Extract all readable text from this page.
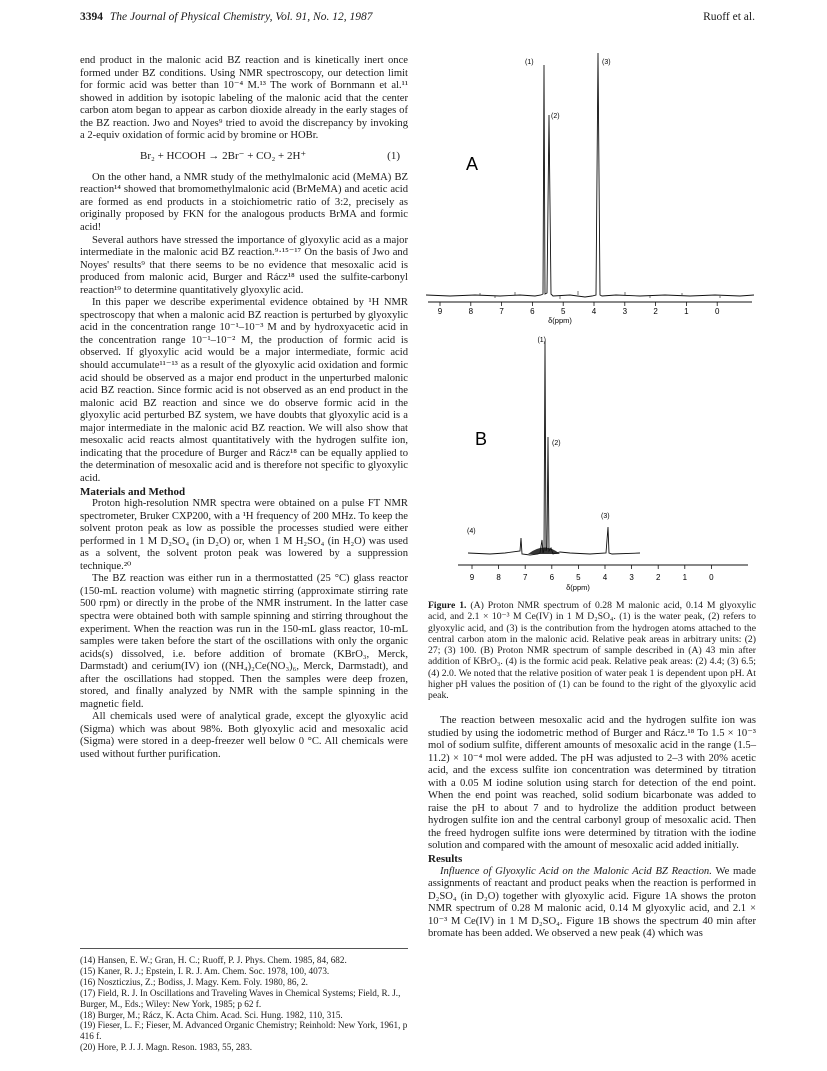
3394 The Journal of Physical Chemistry, Vol. 91, No. 12, 1987	Ruoff et al.

end product in the malonic acid BZ reaction and is kinetically inert once formed under BZ conditions. Using NMR spectroscopy, our detection limit for formic acid was better than 10⁻⁴ M.¹³ The work of Bornmann et al.¹¹ showed in addition by isotopic labeling of the malonic acid that the center carbon atom began to appear as carbon dioxide already in the early stages of the BZ reaction. Jwo and Noyes⁹ tried to avoid the discrepancy by invoking a 2-equiv oxidation of formic acid by bromine or HOBr.

Br₂ + HCOOH → 2Br⁻ + CO₂ + 2H⁺	(1)

On the other hand, a NMR study of the methylmalonic acid (MeMA) BZ reaction¹⁴ showed that bromomethylmalonic acid (BrMeMA) and acetic acid are formed as end products in a stoichiometric ratio of 3:2, precisely as originally proposed by FKN for the analogous products BrMA and formic acid!

Several authors have stressed the importance of glyoxylic acid as a major intermediate in the malonic acid BZ reaction.⁹·¹⁵⁻¹⁷ On the basis of Jwo and Noyes' results⁹ that there seems to be no evidence that mesoxalic acid is produced from malonic acid, Burger and Rácz¹⁸ used the sulfite-carbonyl reaction¹⁹ to determine quantitatively glyoxylic acid.

In this paper we describe experimental evidence obtained by ¹H NMR spectroscopy that when a malonic acid BZ reaction is perturbed by glyoxylic acid in the concentration range 10⁻¹–10⁻³ M and by hydroxyacetic acid in the concentration range 10⁻¹–10⁻² M, the production of formic acid is observed. If glyoxylic acid would be a major intermediate, formic acid should accumulate¹¹⁻¹³ as a result of the glyoxylic acid oxidation and formic acid should be observed as a major end product in the unperturbed malonic acid BZ reaction. Since formic acid is not observed as an end product in the malonic acid BZ reaction and since we do observe formic acid in the glyoxylic acid perturbed BZ system, we have doubts that glyoxylic acid is a major intermediate in the malonic acid BZ reaction. We will also show that mesoxalic acid reacts almost quantitatively with the hydrogen sulfite ion, indicating that the procedure of Burger and Rácz¹⁸ can be equally applied to the determination of mesoxalic acid and is therefore not specific to glyoxylic acid.

Materials and Method

Proton high-resolution NMR spectra were obtained on a pulse FT NMR spectrometer, Bruker CXP200, with a ¹H frequency of 200 MHz. To keep the solvent proton peak as low as possible the processes studied were either performed in 1 M D₂SO₄ (in D₂O) or, when 1 M H₂SO₄ (in H₂O) was used as a solvent, the solvent proton peak was lowered by a suppression technique.²⁰

The BZ reaction was either run in a thermostatted (25 °C) glass reactor (150-mL reaction volume) with magnetic stirring (approximate stirring rate 500 rpm) or directly in the probe of the NMR instrument. In the latter case spectra were obtained both with sample spinning and stirring throughout the experiment. When the reaction was run in the 150-mL glass reactor, 10-mL samples were taken before the start of the oscillations with only the organic acids(s) dissolved, i.e. before addition of bromate (KBrO₃, Merck, Darmstadt) and cerium(IV) ion ((NH₄)₂Ce(NO₃)₆, Merck, Darmstadt), and after the oscillations had stopped. Then the samples were deep frozen, stored, and finally analyzed by NMR with the sample spinning in the magnetic field.

All chemicals used were of analytical grade, except the glyoxylic acid (Sigma) which was about 98%. Both glyoxylic acid and mesoxalic acid (Sigma) were stored in a deep-freezer well below 0 °C. All chemicals were used without further purification.

(14) Hansen, E. W.; Gran, H. C.; Ruoff, P. J. Phys. Chem. 1985, 84, 682.
(15) Kaner, R. J.; Epstein, I. R. J. Am. Chem. Soc. 1978, 100, 4073.
(16) Noszticzius, Z.; Bodiss, J. Magy. Kem. Foly. 1980, 86, 2.
(17) Field, R. J. In Oscillations and Traveling Waves in Chemical Systems; Field, R. J., Burger, M., Eds.; Wiley: New York, 1985; p 62 f.
(18) Burger, M.; Rácz, K. Acta Chim. Acad. Sci. Hung. 1982, 110, 315.
(19) Fieser, L. F.; Fieser, M. Advanced Organic Chemistry; Reinhold: New York, 1961, p 416 f.
(20) Hore, P. J. J. Magn. Reson. 1983, 55, 283.
A
(1)	(3)
(2)
9	8	7	6	5	4	3	2	1	0
δ(ppm)
B
(1)
(2)
(3)
(4)
9	8	7	6	5	4	3	2	1	0
δ(ppm)
Figure 1. (A) Proton NMR spectrum of 0.28 M malonic acid, 0.14 M glyoxylic acid, and 2.1 × 10⁻³ M Ce(IV) in 1 M D₂SO₄. (1) is the water peak, (2) refers to glyoxylic acid, and (3) is the contribution from the hydrogen atoms attached to the central carbon atom in the malonic acid. Relative peak areas in arbitrary units: (2) 27; (3) 100. (B) Proton NMR spectrum of sample described in (A) 43 min after addition of KBrO₃. (4) is the formic acid peak. Relative peak areas: (2) 4.4; (3) 6.5; (4) 2.0. We noted that the relative position of water peak 1 is dependent upon pH. At higher pH values the position of (1) can be found to the right of the glyoxylic acid peak.

The reaction between mesoxalic acid and the hydrogen sulfite ion was studied by using the iodometric method of Burger and Rácz.¹⁸ To 1.5 × 10⁻³ mol of sodium sulfite, different amounts of mesoxalic acid in the range (1.5–11.2) × 10⁻⁴ mol were added. The pH was adjusted to 2–3 with 20% acetic acid, and the excess sulfite ion concentration was determined by titration with a 0.05 M iodine solution using starch for detection of the end point. When the end point was reached, solid sodium bicarbonate was added to raise the pH to about 7 and to hydrolize the addition product between hydrogen sulfite ion and the central carbonyl group of mesoxalic acid. Then the freed hydrogen sulfite ions were determined by titration with the iodine solution and compared with the amount of mesoxalic acid added initially.

Results

Influence of Glyoxylic Acid on the Malonic Acid BZ Reaction. We made assignments of reactant and product peaks when the reaction is performed in D₂SO₄ (in D₂O) together with glyoxylic acid. Figure 1A shows the proton NMR spectrum of 0.28 M malonic acid, 0.14 M glyoxylic acid, and 2.1 × 10⁻³ M Ce(IV) in 1 M D₂SO₄. Figure 1B shows the spectrum 40 min after bromate has been added. We observed a new peak (4) which was
